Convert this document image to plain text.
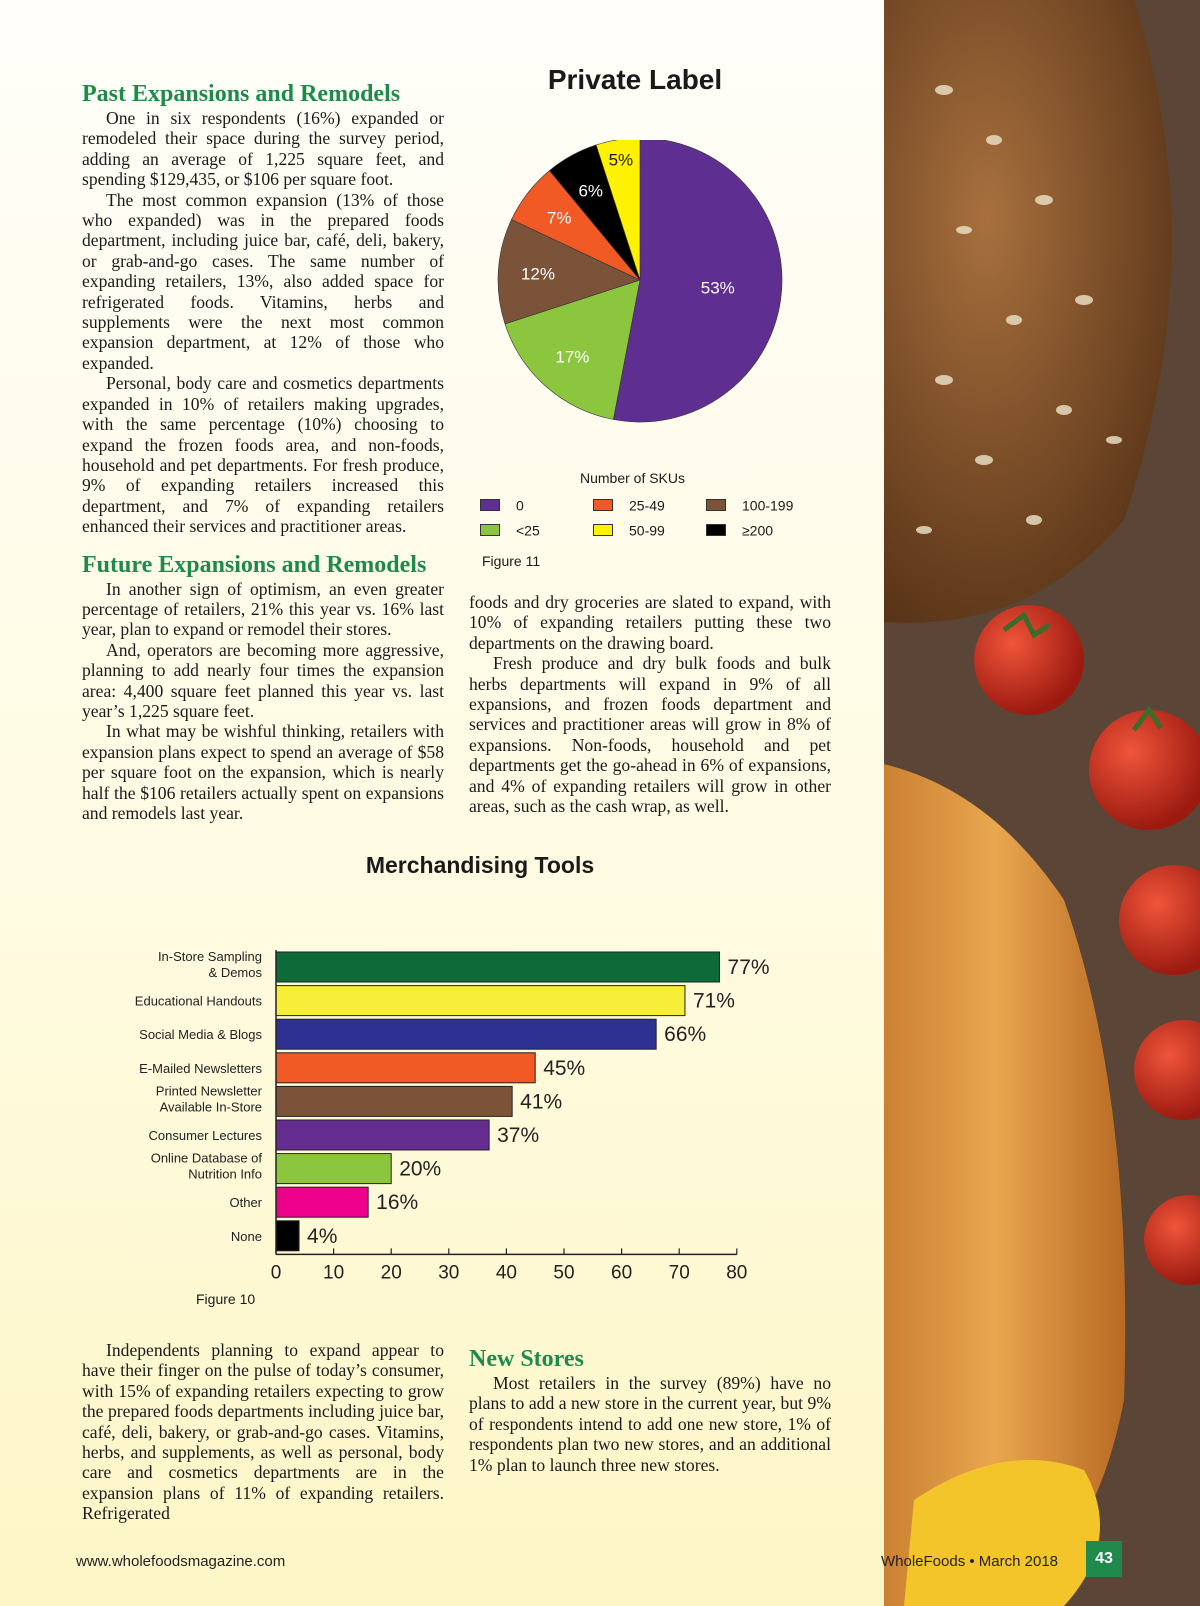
Past Expansions and Remodels

One in six respondents (16%) expanded or remodeled their space during the survey period, adding an average of 1,225 square feet, and spending $129,435, or $106 per square foot.

The most common expansion (13% of those who expanded) was in the prepared foods department, including juice bar, café, deli, bakery, or grab-and-go cases. The same number of expanding retailers, 13%, also added space for refrigerated foods. Vitamins, herbs and supplements were the next most common expansion department, at 12% of those who expanded.

Personal, body care and cosmetics departments expanded in 10% of retailers making upgrades, with the same percentage (10%) choosing to expand the frozen foods area, and non-foods, household and pet departments. For fresh produce, 9% of expanding retailers increased this department, and 7% of expanding retailers enhanced their services and practitioner areas.

Future Expansions and Remodels

In another sign of optimism, an even greater percentage of retailers, 21% this year vs. 16% last year, plan to expand or remodel their stores.

And, operators are becoming more aggressive, planning to add nearly four times the expansion area: 4,400 square feet planned this year vs. last year’s 1,225 square feet.

In what may be wishful thinking, retailers with expansion plans expect to spend an average of $58 per square foot on the expansion, which is nearly half the $106 retailers actually spent on expansions and remodels last year.

Private Label
53%
17%
12%
7%
6%
5%
Number of SKUs
0	25-49	100-199
<25	50-99	≥200
Figure 11

foods and dry groceries are slated to expand, with 10% of expanding retailers putting these two departments on the drawing board.

Fresh produce and dry bulk foods and bulk herbs departments will expand in 9% of all expansions, and frozen foods department and services and practitioner areas will grow in 8% of expansions. Non-foods, household and pet departments get the go-ahead in 6% of expansions, and 4% of expanding retailers will grow in other areas, such as the cash wrap, as well.

Merchandising Tools
77%
In-Store Sampling
& Demos
71%
Educational Handouts
66%
Social Media & Blogs
45%
E-Mailed Newsletters
41%
Printed Newsletter
Available In-Store
37%
Consumer Lectures
20%
Online Database of
Nutrition Info
16%
Other
4%
None
0 10 20 30 40 50 60 70 80
Figure 10

Independents planning to expand appear to have their finger on the pulse of today’s consumer, with 15% of expanding retailers expecting to grow the prepared foods departments including juice bar, café, deli, bakery, or grab-and-go cases. Vitamins, herbs, and supplements, as well as personal, body care and cosmetics departments are in the expansion plans of 11% of expanding retailers. Refrigerated

New Stores

Most retailers in the survey (89%) have no plans to add a new store in the current year, but 9% of respondents intend to add one new store, 1% of respondents plan two new stores, and an additional 1% plan to launch three new stores.

www.wholefoodsmagazine.com	WholeFoods • March 2018	43
